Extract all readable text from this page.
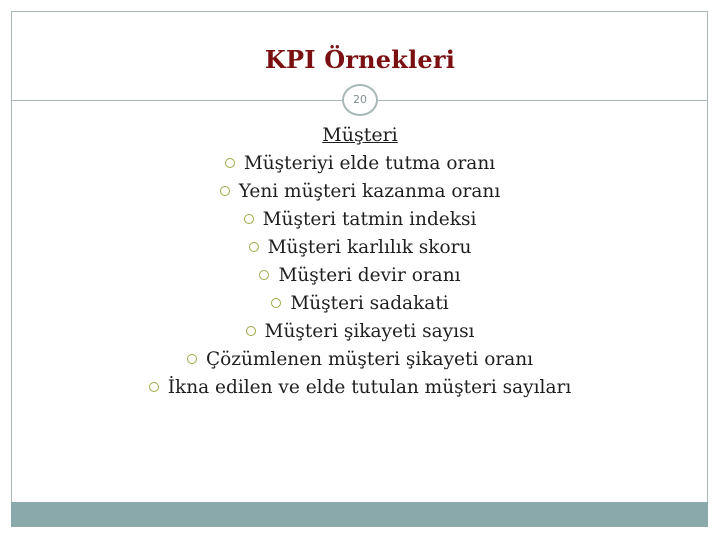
KPI Örnekleri
20
Müşteri
Müşteriyi elde tutma oranı
Yeni müşteri kazanma oranı
Müşteri tatmin indeksi
Müşteri karlılık skoru
Müşteri devir oranı
Müşteri sadakati
Müşteri şikayeti sayısı
Çözümlenen müşteri şikayeti oranı
İkna edilen ve elde tutulan müşteri sayıları
